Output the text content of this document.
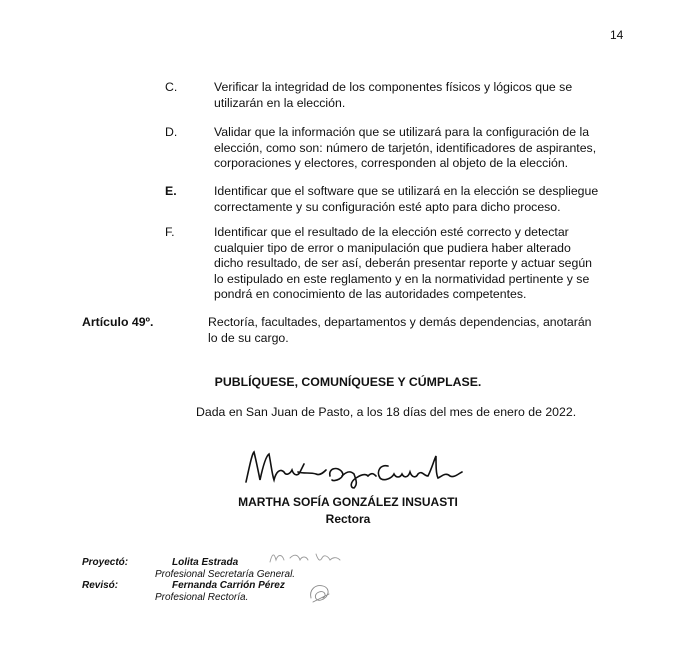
14
C.	Verificar la integridad de los componentes físicos y lógicos que se
utilizarán en la elección.
D.	Validar que la información que se utilizará para la configuración de la
elección, como son: número de tarjetón, identificadores de aspirantes,
corporaciones y electores, corresponden al objeto de la elección.
E.	Identificar que el software que se utilizará en la elección se despliegue
correctamente y su configuración esté apto para dicho proceso.
F.	Identificar que el resultado de la elección esté correcto y detectar
cualquier tipo de error o manipulación que pudiera haber alterado
dicho resultado, de ser así, deberán presentar reporte y actuar según
lo estipulado en este reglamento y en la normatividad pertinente y se
pondrá en conocimiento de las autoridades competentes.
Artículo 49º.	Rectoría, facultades, departamentos y demás dependencias, anotarán
lo de su cargo.
PUBLÍQUESE, COMUNÍQUESE Y CÚMPLASE.
Dada en San Juan de Pasto, a los 18 días del mes de enero de 2022.
MARTHA SOFÍA GONZÁLEZ INSUASTI
Rectora
Proyectó:	Lolita Estrada
Profesional Secretaría General.
Revisó:	Fernanda Carrión Pérez
Profesional Rectoría.
